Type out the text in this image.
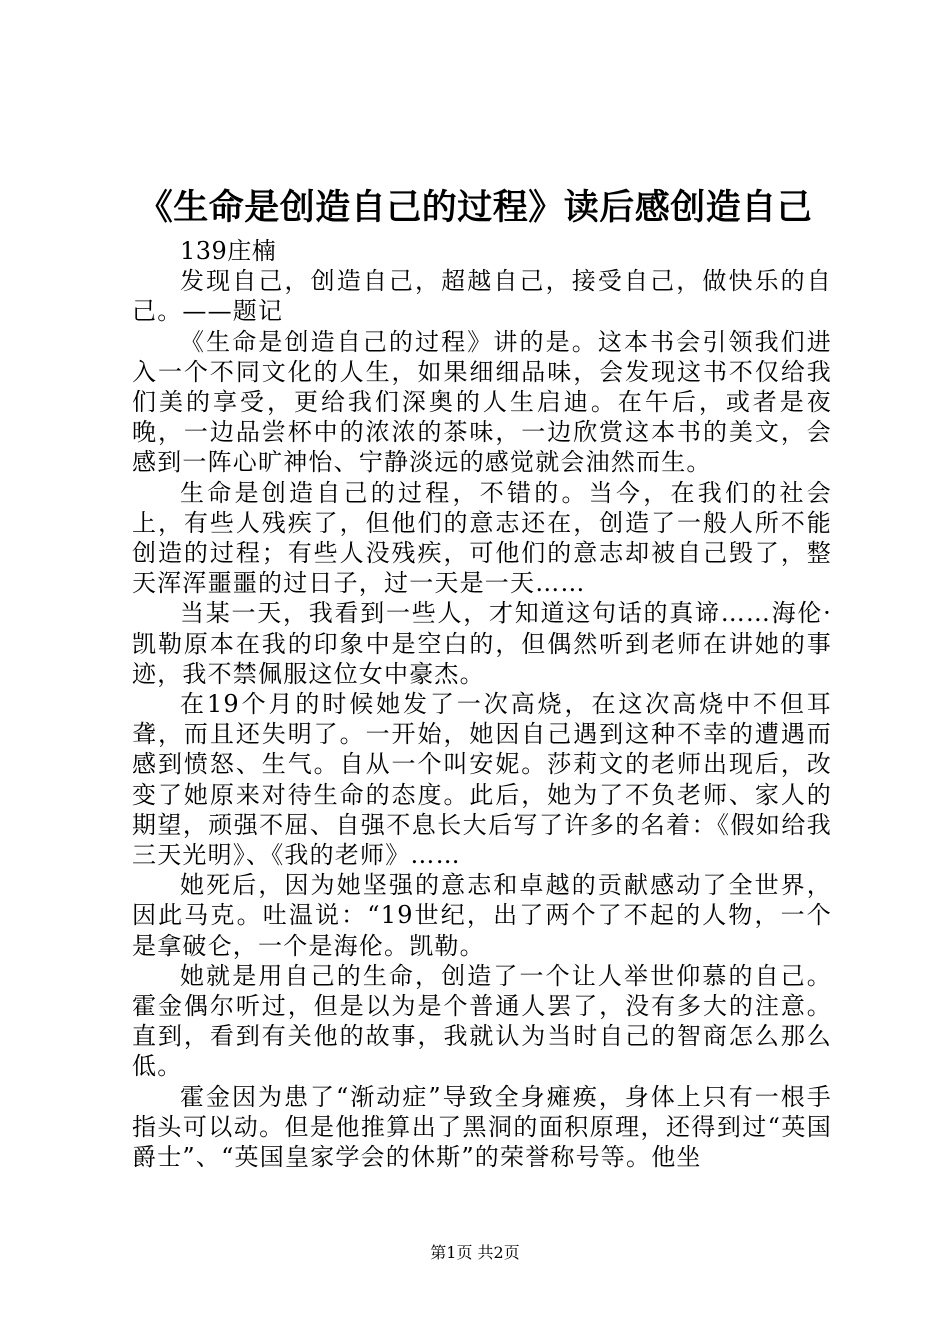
《生命是创造自己的过程》读后感创造自己

139庄楠

发现自己，创造自己，超越自己，接受自己，做快乐的自己。——题记

《生命是创造自己的过程》讲的是。这本书会引领我们进入一个不同文化的人生，如果细细品味，会发现这书不仅给我们美的享受，更给我们深奥的人生启迪。在午后，或者是夜晚，一边品尝杯中的浓浓的茶味，一边欣赏这本书的美文，会感到一阵心旷神怡、宁静淡远的感觉就会油然而生。

生命是创造自己的过程，不错的。当今，在我们的社会上，有些人残疾了，但他们的意志还在，创造了一般人所不能创造的过程；有些人没残疾，可他们的意志却被自己毁了，整天浑浑噩噩的过日子，过一天是一天……

当某一天，我看到一些人，才知道这句话的真谛……海伦·凯勒原本在我的印象中是空白的，但偶然听到老师在讲她的事迹，我不禁佩服这位女中豪杰。

在19个月的时候她发了一次高烧，在这次高烧中不但耳聋，而且还失明了。一开始，她因自己遇到这种不幸的遭遇而感到愤怒、生气。自从一个叫安妮。莎莉文的老师出现后，改变了她原来对待生命的态度。此后，她为了不负老师、家人的期望，顽强不屈、自强不息长大后写了许多的名着：《假如给我三天光明》、《我的老师》……

她死后，因为她坚强的意志和卓越的贡献感动了全世界，因此马克。吐温说：“19世纪，出了两个了不起的人物，一个是拿破仑，一个是海伦。凯勒。

她就是用自己的生命，创造了一个让人举世仰慕的自己。霍金偶尔听过，但是以为是个普通人罢了，没有多大的注意。直到，看到有关他的故事，我就认为当时自己的智商怎么那么低。

霍金因为患了“渐动症”导致全身瘫痪，身体上只有一根手指头可以动。但是他推算出了黑洞的面积原理，还得到过“英国爵士”、“英国皇家学会的休斯”的荣誉称号等。他坐

第1页 共2页
